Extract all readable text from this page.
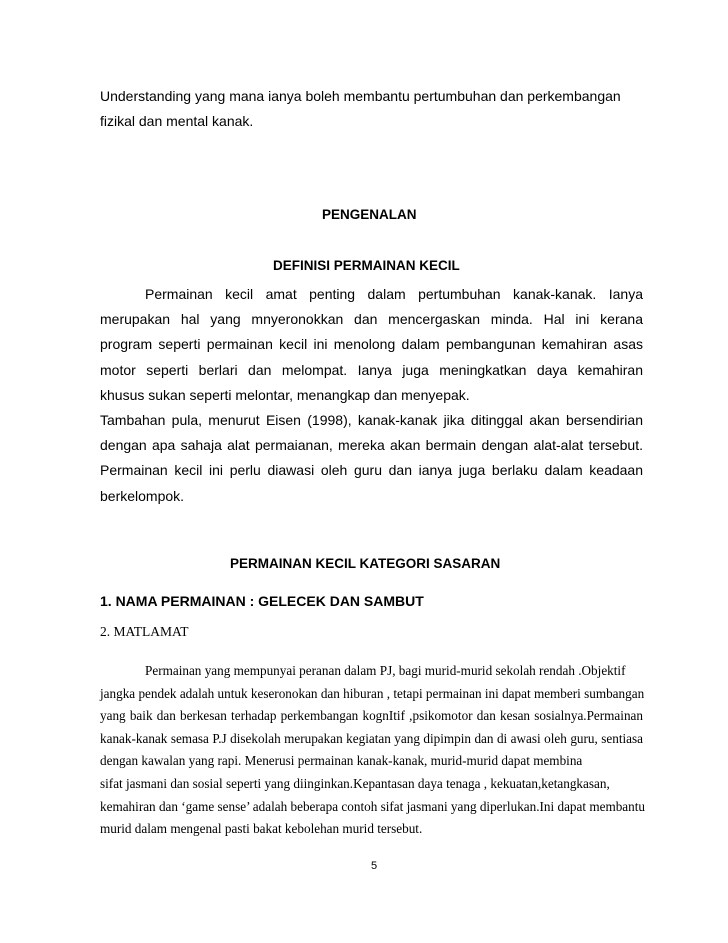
Understanding yang mana ianya boleh membantu pertumbuhan dan perkembangan
fizikal dan mental kanak.

PENGENALAN
DEFINISI PERMAINAN KECIL

Permainan kecil amat penting dalam pertumbuhan kanak-kanak. Ianya
merupakan hal yang mnyeronokkan dan mencergaskan minda. Hal ini kerana
program seperti permainan kecil ini menolong dalam pembangunan kemahiran asas
motor seperti berlari dan melompat. Ianya juga meningkatkan daya kemahiran
khusus sukan seperti melontar, menangkap dan menyepak.
Tambahan pula, menurut Eisen (1998), kanak-kanak jika ditinggal akan bersendirian
dengan apa sahaja alat permaianan, mereka akan bermain dengan alat-alat tersebut.
Permainan kecil ini perlu diawasi oleh guru dan ianya juga berlaku dalam keadaan
berkelompok.

PERMAINAN KECIL KATEGORI SASARAN
1. NAMA PERMAINAN : GELECEK DAN SAMBUT

2. MATLAMAT

Permainan yang mempunyai peranan dalam PJ, bagi murid-murid sekolah rendah .Objektif
jangka pendek adalah untuk keseronokan dan hiburan , tetapi permainan ini dapat memberi sumbangan
yang baik dan berkesan terhadap perkembangan kognItif ,psikomotor dan kesan sosialnya.Permainan
kanak-kanak semasa P.J disekolah merupakan kegiatan yang dipimpin dan di awasi oleh guru, sentiasa
dengan kawalan yang rapi. Menerusi permainan kanak-kanak, murid-murid dapat membina
sifat jasmani dan sosial seperti yang diinginkan.Kepantasan daya tenaga , kekuatan,ketangkasan,
kemahiran dan ‘game sense’ adalah beberapa contoh sifat jasmani yang diperlukan.Ini dapat membantu
murid dalam mengenal pasti bakat kebolehan murid tersebut.

5
